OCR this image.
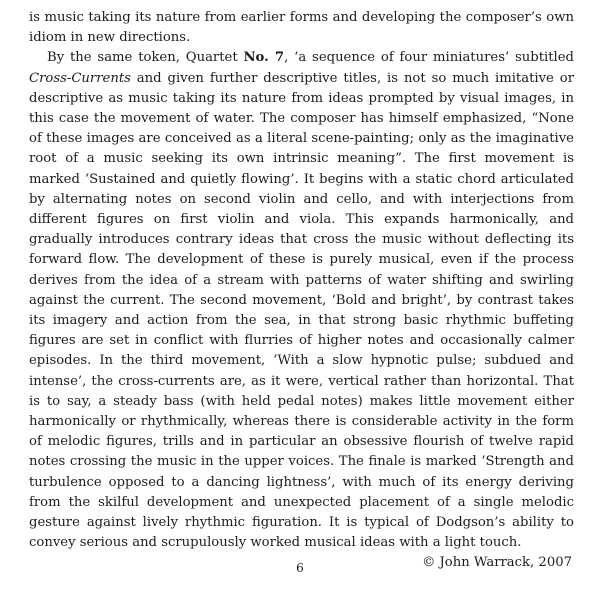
is music taking its nature from earlier forms and developing the composer’s own idiom in new directions.

By the same token, Quartet No. 7, ‘a sequence of four miniatures’ subtitled Cross-Currents and given further descriptive titles, is not so much imitative or descriptive as music taking its nature from ideas prompted by visual images, in this case the movement of water. The composer has himself emphasized, “None of these images are conceived as a literal scene-painting; only as the imaginative root of a music seeking its own intrinsic meaning”. The first movement is marked ‘Sustained and quietly flowing’. It begins with a static chord articulated by alternating notes on second violin and cello, and with interjections from different figures on first violin and viola. This expands harmonically, and gradually introduces contrary ideas that cross the music without deflecting its forward flow. The development of these is purely musical, even if the process derives from the idea of a stream with patterns of water shifting and swirling against the current. The second movement, ‘Bold and bright’, by contrast takes its imagery and action from the sea, in that strong basic rhythmic buffeting figures are set in conflict with flurries of higher notes and occasionally calmer episodes. In the third movement, ‘With a slow hypnotic pulse; subdued and intense’, the cross-currents are, as it were, vertical rather than horizontal. That is to say, a steady bass (with held pedal notes) makes little movement either harmonically or rhythmically, whereas there is considerable activity in the form of melodic figures, trills and in particular an obsessive flourish of twelve rapid notes crossing the music in the upper voices. The finale is marked ‘Strength and turbulence opposed to a dancing lightness’, with much of its energy deriving from the skilful development and unexpected placement of a single melodic gesture against lively rhythmic figuration. It is typical of Dodgson’s ability to convey serious and scrupulously worked musical ideas with a light touch.

© John Warrack, 2007

6
